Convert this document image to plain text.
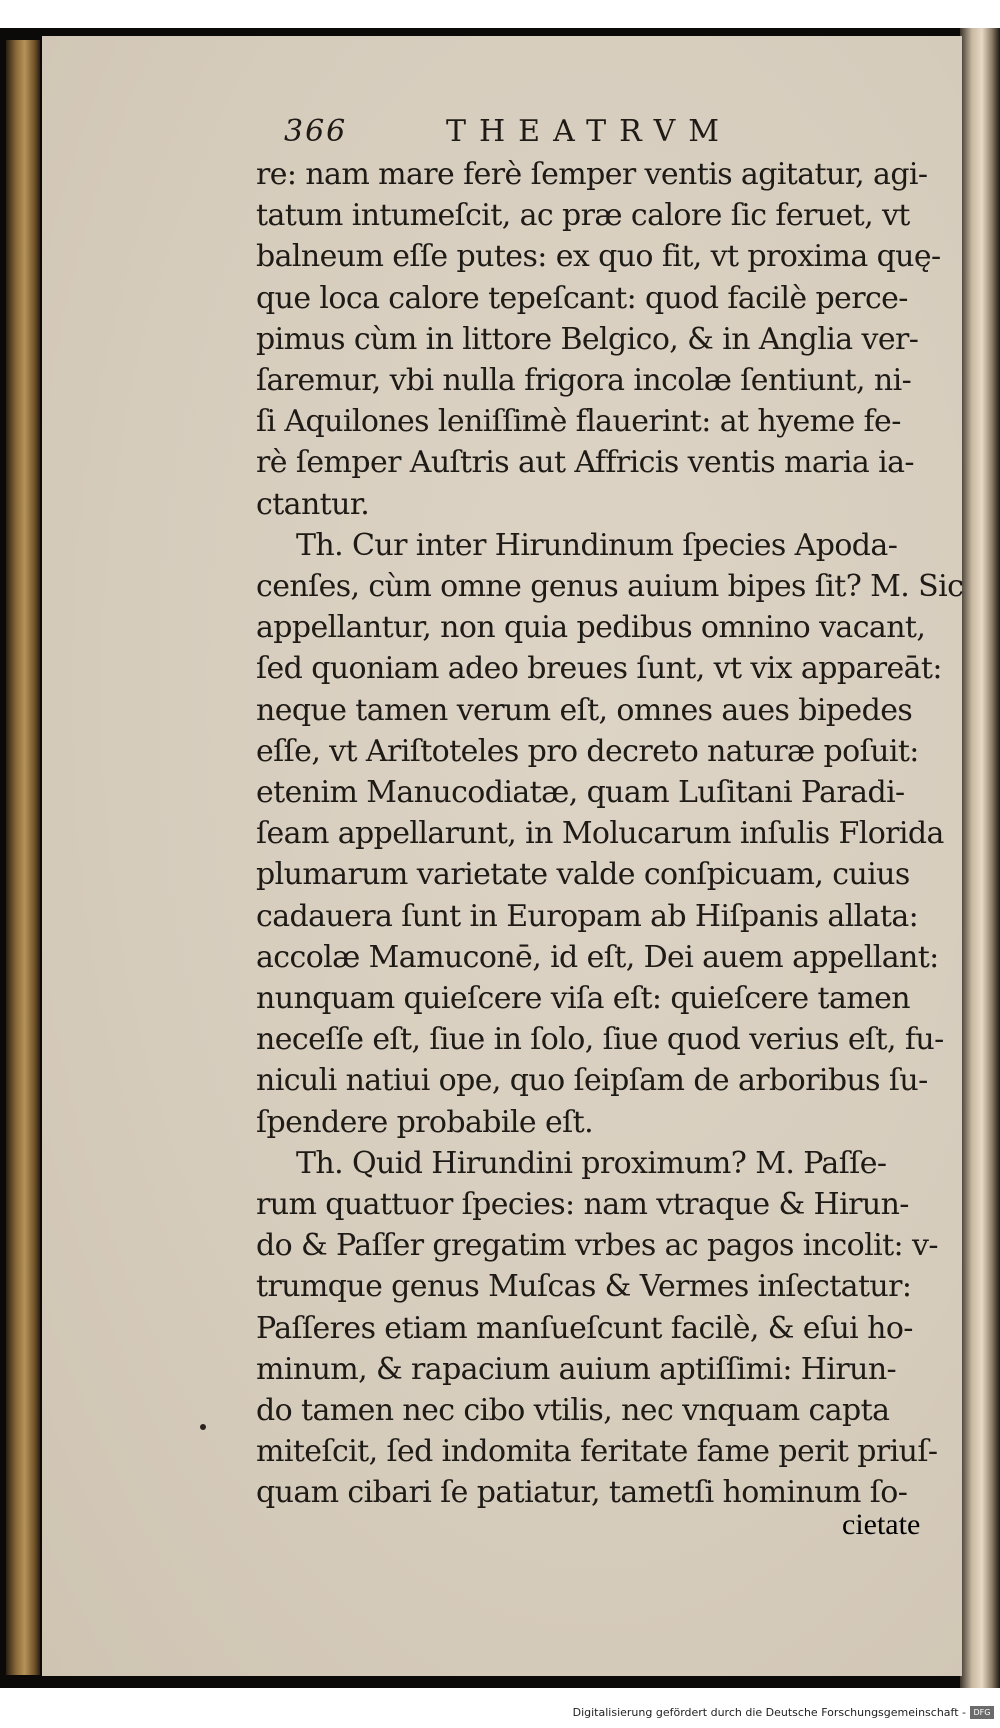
366	THEATRVM
re: nam mare ferè ſemper ventis agitatur, agi-
tatum intumeſcit, ac præ calore ſic feruet, vt
balneum eſſe putes: ex quo fit, vt proxima quę-
que loca calore tepeſcant: quod facilè perce-
pimus cùm in littore Belgico, & in Anglia ver-
ſaremur, vbi nulla frigora incolæ ſentiunt, ni-
ſi Aquilones leniſſimè flauerint: at hyeme fe-
rè ſemper Auſtris aut Affricis ventis maria ia-
ctantur.
Th. Cur inter Hirundinum ſpecies Apoda-
cenſes, cùm omne genus auium bipes ſit? M. Sic
appellantur, non quia pedibus omnino vacant,
ſed quoniam adeo breues ſunt, vt vix appareāt:
neque tamen verum eſt, omnes aues bipedes
eſſe, vt Ariſtoteles pro decreto naturæ poſuit:
etenim Manucodiatæ, quam Luſitani Paradi-
ſeam appellarunt, in Molucarum inſulis Florida
plumarum varietate valde conſpicuam, cuius
cadauera ſunt in Europam ab Hiſpanis allata:
accolæ Mamuconē, id eſt, Dei auem appellant:
nunquam quieſcere viſa eſt: quieſcere tamen
neceſſe eſt, ſiue in ſolo, ſiue quod verius eſt, fu-
niculi natiui ope, quo ſeipſam de arboribus ſu-
ſpendere probabile eſt.
Th. Quid Hirundini proximum? M. Paſſe-
rum quattuor ſpecies: nam vtraque & Hirun-
do & Paſſer gregatim vrbes ac pagos incolit: v-
trumque genus Muſcas & Vermes inſectatur:
Paſſeres etiam manſueſcunt facilè, & eſui ho-
minum, & rapacium auium aptiſſimi: Hirun-
do tamen nec cibo vtilis, nec vnquam capta
miteſcit, ſed indomita feritate fame perit priuſ-
quam cibari ſe patiatur, tametſi hominum ſo-
cietate
Digitalisierung gefördert durch die Deutsche Forschungsgemeinschaft - DFG
